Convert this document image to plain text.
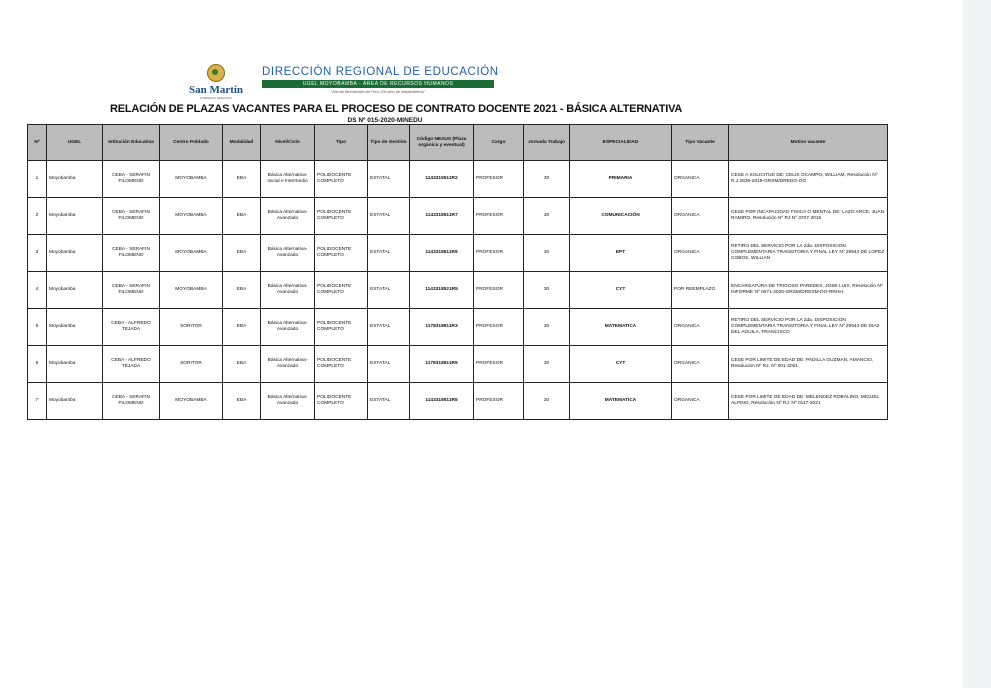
San Martín
GOBIERNO REGIONAL
DIRECCIÓN REGIONAL DE EDUCACIÓN
UGEL MOYOBAMBA - ÁREA DE RECURSOS HUMANOS
"Año del Bicentenario del Perú: 200 años de Independencia"
RELACIÓN DE PLAZAS VACANTES PARA EL PROCESO DE CONTRATO DOCENTE 2021 - BÁSICA ALTERNATIVA
DS Nº 015-2020-MINEDU
Nº	UGEL	Intitución Educativa	Centro Poblado	Modalidad	Nivel/Ciclo	Tipo	Tipo de Gestión	Código NEXUS (Plaza orgánica y eventual)	Cargo	Jornada Trabajo	ESPECIALIDAD	Tipo Vacante	Motivo vacante
1	Moyobamba	CEBA - SERAFIN FILOMENO	MOYOBAMBA	EBA	Básica Alternativa-Inicial e Intermedio	POLIDOCENTE COMPLETO	ESTATAL	1143315511R2	PROFESOR	30	PRIMARIA	ORGANICA	CESE A SOLICITUD DE: CELIS OCAMPO, WILLIAM, Resolución Nº R.J.2636-2018-GRSM/DREDO-OO
2	Moyobamba	CEBA - SERAFIN FILOMENO	MOYOBAMBA	EBA	Básica Alternativa-Avanzado	POLIDOCENTE COMPLETO	ESTATAL	1143318511R7	PROFESOR	30	COMUNICACIÓN	ORGANICA	CESE POR INCAPACIDAD FISICA O MENTAL DE: LAZO ARCE, JUAN RAMIRO, Resolución Nº RJ Nº 3707-2015
3	Moyobamba	CEBA - SERAFIN FILOMENO	MOYOBAMBA	EBA	Básica Alternativa-Avanzado	POLIDOCENTE COMPLETO	ESTATAL	1143318511R9	PROFESOR	30	EPT	ORGANICA	RETIRO DEL SERVICIO POR LA 2da. DISPOSICION COMPLEMENTARIA TRANSITORIA Y FINAL LEY Nº 29944 DE LOPEZ COBOS, WILLIAN
4	Moyobamba	CEBA - SERAFIN FILOMENO	MOYOBAMBA	EBA	Básica Alternativa-Avanzado	POLIDOCENTE COMPLETO	ESTATAL	1143318521R5	PROFESOR	30	CYT	POR REEMPLAZO	ENCARGATURA DE TRIGOSO PAREDES, JOSE LUIS, Resolución Nº INFORME Nº 0071-2020-GRSM/DRESM-DO-RRHH.
5	Moyobamba	CEBA - ALFREDO TEJADA	SORITOR	EBA	Básica Alternativa-Avanzado	POLIDOCENTE COMPLETO	ESTATAL	1178318811R3	PROFESOR	30	MATEMATICA	ORGANICA	RETIRO DEL SERVICIO POR LA 2da. DISPOSICION COMPLEMENTARIA TRANSITORIA Y FINAL LEY Nº 29944 DE DIAZ DEL AGUILA, FRANCISCO
6	Moyobamba	CEBA - ALFREDO TEJADA	SORITOR	EBA	Básica Alternativa-Avanzado	POLIDOCENTE COMPLETO	ESTATAL	1178318811R9	PROFESOR	30	CYT	ORGANICA	CESE POR LIMITE DE EDAD DE: PADILLA GUZMAN, AMANCIO, Resolución Nº RJ. Nº 001-2021
7	Moyobamba	CEBA - SERAFIN FILOMENO	MOYOBAMBA	EBA	Básica Alternativa-Avanzado	POLIDOCENTE COMPLETO	ESTATAL	1143318511R5	PROFESOR	30	MATEMATICA	ORGANICA	CESE POR LIMITE DE EDAD DE: MELENDEZ ROBALINO, MIGUEL ALPINO, Resolución Nº RJ. Nº 0117-2021
